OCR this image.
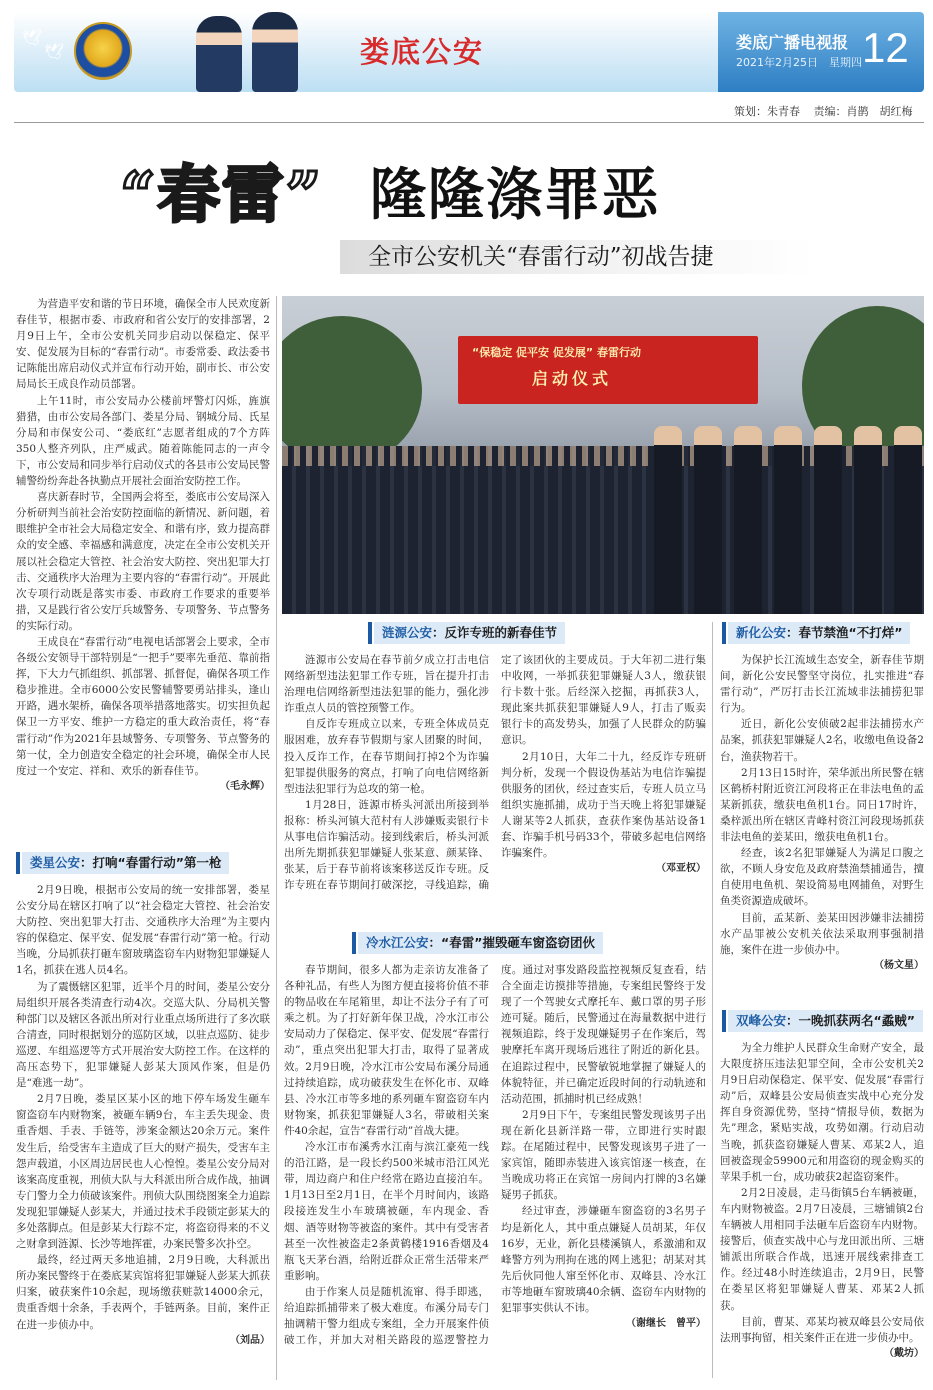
🕊
🕊	娄底公安	娄底广播电视报 12
2021年2月25日　星期四
策划：朱青春 责编：肖鹊　胡红梅
“春雷” 隆隆涤罪恶
全市公安机关“春雷行动”初战告捷

为营造平安和谐的节日环境，确保全市人民欢度新春佳节，根据市委、市政府和省公安厅的安排部署，2月9日上午，全市公安机关同步启动以保稳定、保平安、促发展为目标的“春雷行动”。市委常委、政法委书记陈能出席启动仪式并宣布行动开始，副市长、市公安局局长王成良作动员部署。

上午11时，市公安局办公楼前坪警灯闪烁，旌旗猎猎，由市公安局各部门、娄星分局、钢城分局、氏星分局和市保安公司、“娄底红”志愿者组成的7个方阵350人整齐列队，庄严威武。随着陈能同志的一声令下，市公安局和同步举行启动仪式的各县市公安局民警辅警纷纷奔赴各执勤点开展社会面治安防控工作。

喜庆新春时节，全国两会将至，娄底市公安局深入分析研判当前社会治安防控面临的新情况、新问题，着眼维护全市社会大局稳定安全、和谐有序，致力提高群众的安全感、幸福感和满意度，决定在全市公安机关开展以社会稳定大管控、社会治安大防控、突出犯罪大打击、交通秩序大治理为主要内容的“春雷行动”。开展此次专项行动既是落实市委、市政府工作要求的重要举措，又是践行省公安厅兵域警务、专项警务、节点警务的实际行动。

王成良在“春雷行动”电视电话部署会上要求，全市各级公安领导干部特别是“一把手”要率先垂范、靠前指挥，下大力气抓组织、抓部署、抓督促，确保各项工作稳步推进。全市6000公安民警辅警要勇站排头，逢山开路，遇水架桥，确保各项举措落地落实。切实担负起保卫一方平安、维护一方稳定的重大政治责任，将“春雷行动”作为2021年县域警务、专项警务、节点警务的第一仗，全力创造安全稳定的社会环境，确保全市人民度过一个安定、祥和、欢乐的新春佳节。

（毛永辉）
“保稳定 促平安 促发展” 春雷行动
启动仪式
娄星公安：打响“春雷行动”第一枪

2月9日晚，根据市公安局的统一安排部署，娄星公安分局在辖区打响了以“社会稳定大管控、社会治安大防控、突出犯罪大打击、交通秩序大治理”为主要内容的保稳定、保平安、促发展“春雷行动”第一枪。行动当晚，分局抓获打砸车窗玻璃盗窃车内财物犯罪嫌疑人1名，抓获在逃人员4名。

为了震慑辖区犯罪，近半个月的时间，娄星公安分局组织开展各类清查行动4次。交巡大队、分局机关警种部门以及辖区各派出所对行业重点场所进行了多次联合清查，同时根据划分的巡防区域，以驻点巡防、徒步巡逻、车组巡逻等方式开展治安大防控工作。在这样的高压态势下，犯罪嫌疑人彭某大顶风作案，但是仍是“难逃一劫”。

2月7日晚，娄星区某小区的地下停车场发生砸车窗盗窃车内财物案，被砸车辆9台，车主丢失现金、贵重香烟、手表、手链等，涉案金额达20余万元。案件发生后，给受害车主造成了巨大的财产损失，受害车主怨声载道，小区周边居民也人心惶惶。娄星公安分局对该案高度重视，刑侦大队与大科派出所合成作战，抽调专门警力全力侦破该案件。刑侦大队围绕图案全力追踪发现犯罪嫌疑人彭某大，并通过技术手段锁定彭某大的多处落脚点。但是彭某大行踪不定，将盗窃得来的不义之财拿到涟源、长沙等地挥霍，办案民警多次扑空。

最终，经过两天多地追捕，2月9日晚，大科派出所办案民警终于在娄底某宾馆将犯罪嫌疑人彭某大抓获归案，破获案件10余起，现场缴获赃款14000余元，贵重香烟十余条，手表两个，手链两条。目前，案件正在进一步侦办中。

（刘品）
涟源公安：反诈专班的新春佳节

涟源市公安局在春节前夕成立打击电信网络新型违法犯罪工作专班，旨在提升打击治理电信网络新型违法犯罪的能力，强化涉诈重点人员的管控预警工作。

自反诈专班成立以来，专班全体成员克服困难，放弃春节假期与家人团聚的时间，投入反诈工作，在春节期间打掉2个为诈骗犯罪提供服务的窝点，打响了向电信网络新型违法犯罪行为总攻的第一枪。

1月28日，涟源市桥头河派出所接到举报称：桥头河镇大范村有人涉嫌贩卖银行卡从事电信诈骗活动。接到线索后，桥头河派出所先期抓获犯罪嫌疑人张某意、颜某锋、张某，后于春节前将该案移送反诈专班。反诈专班在春节期间打破深挖，寻线追踪，确定了该团伙的主要成员。于大年初二进行集中收网，一举抓获犯罪嫌疑人3人，缴获银行卡数十张。后经深入挖掘，再抓获3人，现此案共抓获犯罪嫌疑人9人，打击了贩卖银行卡的高发势头，加强了人民群众的防骗意识。

2月10日，大年二十九，经反诈专班研判分析，发现一个假设伪基站为电信诈骗提供服务的团伙，经过查实后，专班人员立马组织实施抓捕，成功于当天晚上将犯罪嫌疑人谢某等2人抓获，查获作案伪基站设备1套、诈骗手机号码33个，带破多起电信网络诈骗案件。

（邓亚权）
冷水江公安：“春雷”摧毁砸车窗盗窃团伙

春节期间，很多人都为走亲访友准备了各种礼品，有些人为图方便直接将价值不菲的物品收在车尾箱里，却让不法分子有了可乘之机。为了打好新年保卫战，冷水江市公安局动力了保稳定、保平安、促发展“春雷行动”，重点突出犯罪大打击，取得了显著成效。2月9日晚，冷水江市公安局布溪分局通过持续追踪，成功破获发生在怀化市、双峰县、冷水江市等多地的系列砸车窗盗窃车内财物案，抓获犯罪嫌疑人3名，带破相关案件40余起，宣告“春雷行动”首战大捷。

冷水江市布溪秀水江南与滨江豪苑一线的沿江路，是一段长约500米城市沿江风光带，周边商户和住户经常在路边直接泊车。1月13日至2月1日，在半个月时间内，该路段接连发生小车玻璃被砸，车内现金、香烟、酒等财物等被盗的案件。其中有受害者甚至一次性被盗走2条黄鹤楼1916香烟及4瓶飞天茅台酒，给附近群众正常生活带来严重影响。

由于作案人员是随机流窜、得手即逃，给追踪抓捕带来了极大难度。布溪分局专门抽调精干警力组成专案组，全力开展案件侦破工作，并加大对相关路段的巡逻警控力度。通过对事发路段监控视频反复查看，结合全面走访摸排等措施，专案组民警终于发现了一个驾驶女式摩托车、戴口罩的男子形迹可疑。随后，民警通过在海量数据中进行视频追踪，终于发现嫌疑男子在作案后，驾驶摩托车离开现场后逃往了附近的新化县。在追踪过程中，民警敏锐地掌握了嫌疑人的体貌特征，并已确定近段时间的行动轨迹和活动范围，抓捕时机已经成熟！

2月9日下午，专案组民警发现该男子出现在新化县新洋路一带，立即进行实时跟踪。在尾随过程中，民警发现该男子进了一家宾馆，随即赤装进入该宾馆逐一核查，在当晚成功将正在宾馆一房间内打牌的3名嫌疑男子抓获。

经过审查，涉嫌砸车窗盗窃的3名男子均是新化人，其中重点嫌疑人员胡某，年仅16岁，无业，新化县楼溪镇人，系激浦和双峰警方列为刑拘在逃的网上逃犯；胡某对其先后伙同他人窜至怀化市、双峰县、冷水江市等地砸车窗玻璃40余辆、盗窃车内财物的犯罪事实供认不讳。

（谢继长　曾平）
新化公安：春节禁渔“不打烊”

为保护长江流域生态安全，新春佳节期间，新化公安民警坚守岗位，扎实推进“春雷行动”，严厉打击长江流域非法捕捞犯罪行为。

近日，新化公安侦破2起非法捕捞水产品案，抓获犯罪嫌疑人2名，收缴电鱼设备2台，渔获物若干。

2月13日15时许，荣华派出所民警在辖区鹤桥村附近资江河段将正在非法电鱼的孟某新抓获，缴获电鱼机1台。同日17时许，桑梓派出所在辖区青峰村资江河段现场抓获非法电鱼的姜某田，缴获电鱼机1台。

经查，该2名犯罪嫌疑人为满足口腹之欲，不顾人身安危及政府禁渔禁捕通告，擅自使用电鱼机、架设简易电网捕鱼，对野生鱼类资源造成破坏。

目前，孟某新、姜某田因涉嫌非法捕捞水产品罪被公安机关依法采取刑事强制措施，案件在进一步侦办中。

（杨文星）
双峰公安：一晚抓获两名“蟊贼”

为全力维护人民群众生命财产安全，最大限度挤压违法犯罪空间，全市公安机关2月9日启动保稳定、保平安、促发展“春雷行动”后，双峰县公安局侦查实战中心充分发挥自身资源优势，坚持“情报导侦，数据为先”理念，紧贴实战，攻势如潮。行动启动当晚，抓获盗窃嫌疑人曹某、邓某2人，追回被盗现金59900元和用盗窃的现金购买的苹果手机一台，成功破获2起盗窃案件。

2月2日凌晨，走马街镇5台车辆被砸，车内财物被盗。2月7日凌晨，三塘铺镇2台车辆被人用相同手法砸车后盗窃车内财物。接警后，侦查实战中心与龙田派出所、三塘铺派出所联合作战，迅速开展线索排查工作。经过48小时连续追击，2月9日，民警在娄星区将犯罪嫌疑人曹某、邓某2人抓获。

目前，曹某、邓某均被双峰县公安局依法刑事拘留，相关案件正在进一步侦办中。

（戴坊）
